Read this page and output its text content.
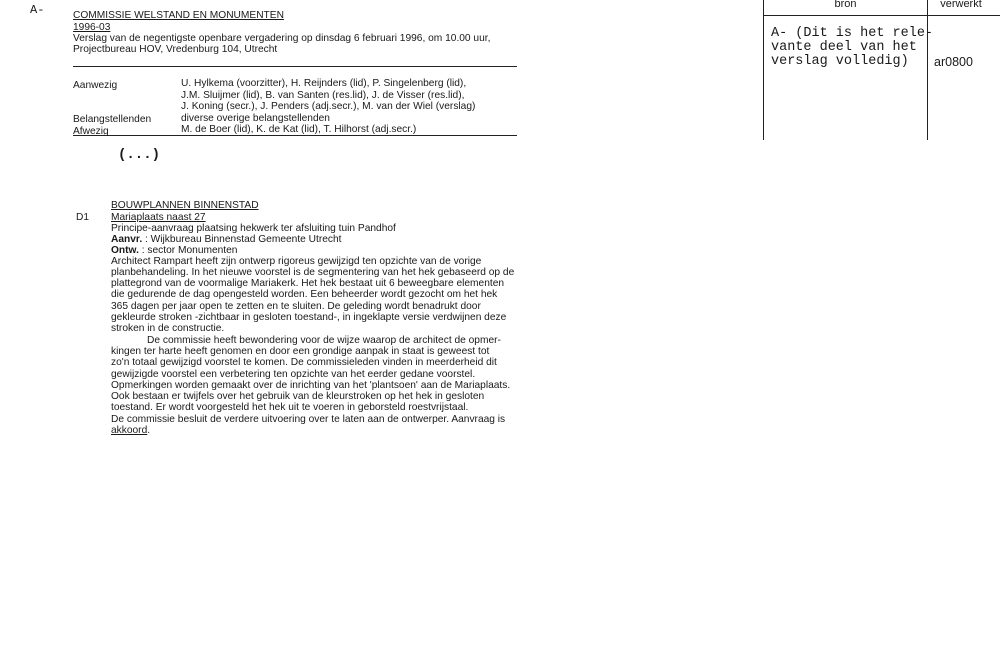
A-	COMMISSIE WELSTAND EN MONUMENTEN
1996-03
Verslag van de negentigste openbare vergadering op dinsdag 6 februari 1996, om 10.00 uur,
Projectbureau HOV, Vredenburg 104, Utrecht
Aanwezig	U. Hylkema (voorzitter), H. Reijnders (lid), P. Singelenberg (lid),
J.M. Sluijmer (lid), B. van Santen (res.lid), J. de Visser (res.lid),
J. Koning (secr.), J. Penders (adj.secr.), M. van der Wiel (verslag)
Belangstellenden	diverse overige belangstellenden
Afwezig	M. de Boer (lid), K. de Kat (lid), T. Hilhorst (adj.secr.)
(...)
BOUWPLANNEN BINNENSTAD
D1 Mariaplaats naast 27
Principe-aanvraag plaatsing hekwerk ter afsluiting tuin Pandhof
Aanvr. : Wijkbureau Binnenstad Gemeente Utrecht
Ontw. : sector Monumenten
Architect Rampart heeft zijn ontwerp rigoreus gewijzigd ten opzichte van de vorige
planbehandeling. In het nieuwe voorstel is de segmentering van het hek gebaseerd op de
plattegrond van de voormalige Mariakerk. Het hek bestaat uit 6 beweegbare elementen
die gedurende de dag opengesteld worden. Een beheerder wordt gezocht om het hek
365 dagen per jaar open te zetten en te sluiten. De geleding wordt benadrukt door
gekleurde stroken -zichtbaar in gesloten toestand-, in ingeklapte versie verdwijnen deze
stroken in de constructie.
De commissie heeft bewondering voor de wijze waarop de architect de opmer-
kingen ter harte heeft genomen en door een grondige aanpak in staat is geweest tot
zo'n totaal gewijzigd voorstel te komen. De commissieleden vinden in meerderheid dit
gewijzigde voorstel een verbetering ten opzichte van het eerder gedane voorstel.
Opmerkingen worden gemaakt over de inrichting van het 'plantsoen' aan de Mariaplaats.
Ook bestaan er twijfels over het gebruik van de kleurstroken op het hek in gesloten
toestand. Er wordt voorgesteld het hek uit te voeren in geborsteld roestvrijstaal.
De commissie besluit de verdere uitvoering over te laten aan de ontwerper. Aanvraag is
akkoord.
bron	verwerkt
A- (Dit is het rele-
vante deel van het
verslag volledig) ar0800
